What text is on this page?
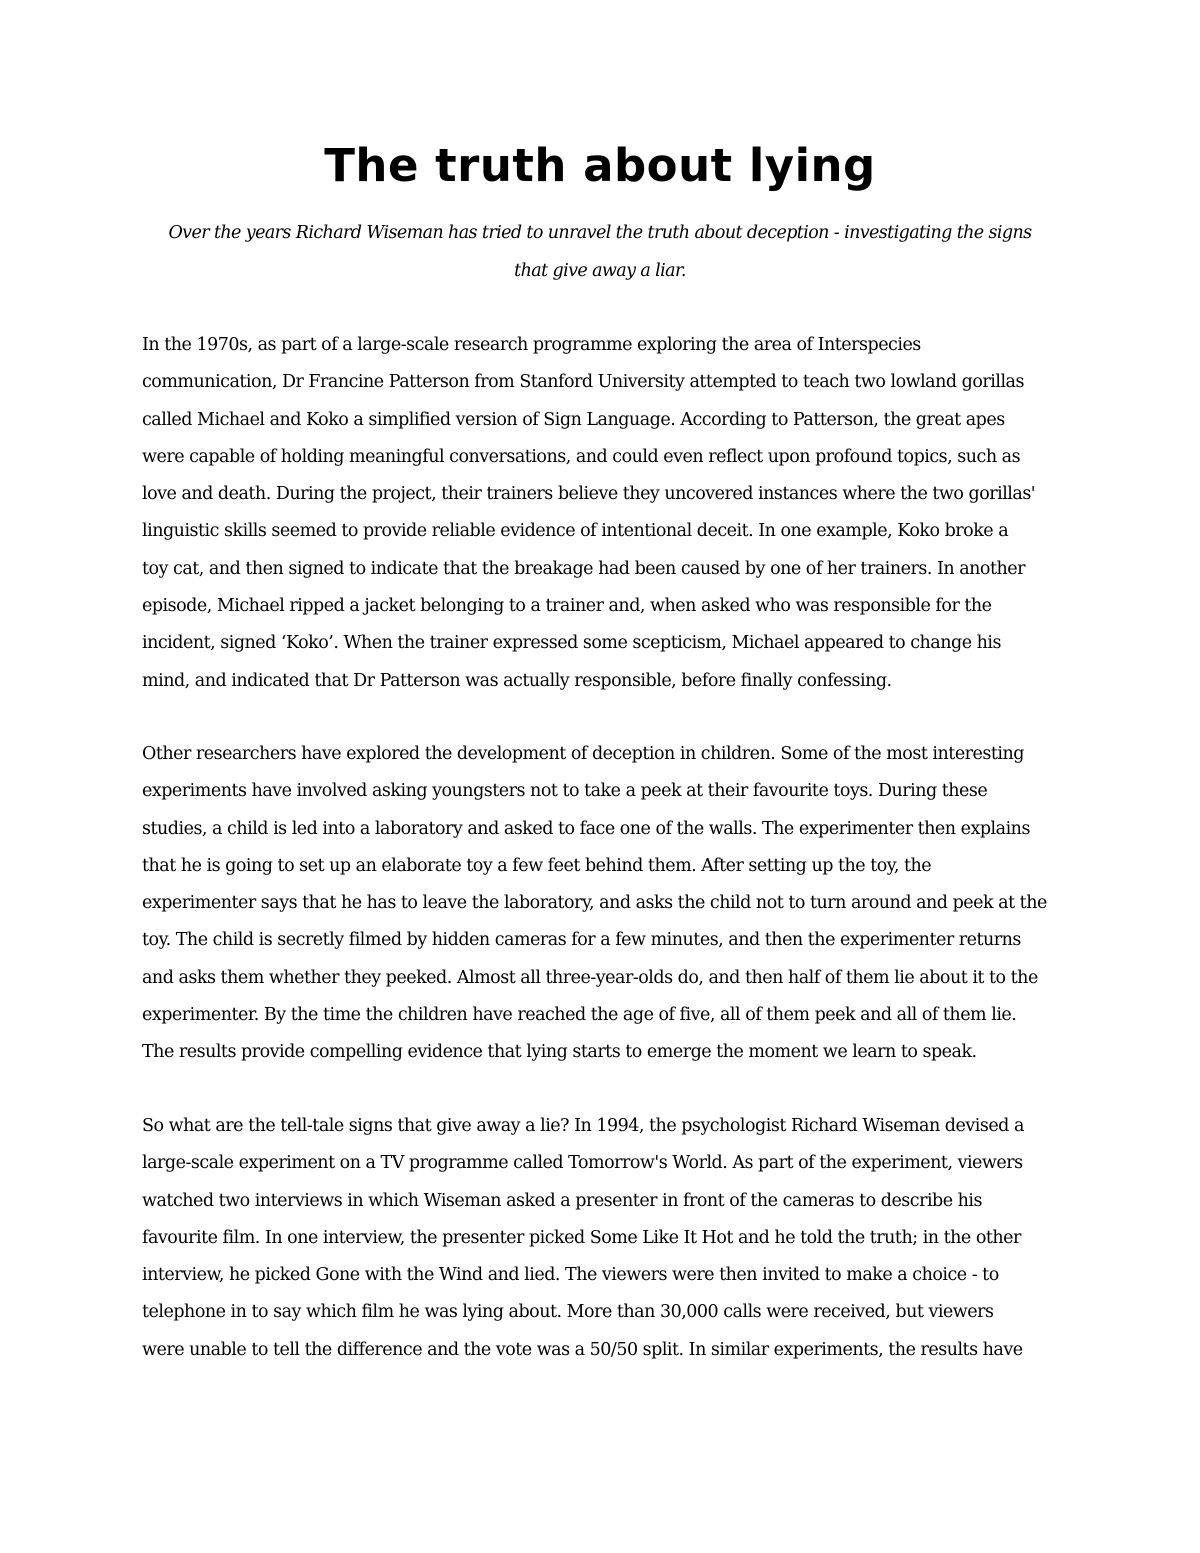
The truth about lying

Over the years Richard Wiseman has tried to unravel the truth about deception - investigating the signs
that give away a liar.

In the 1970s, as part of a large-scale research programme exploring the area of Interspecies
communication, Dr Francine Patterson from Stanford University attempted to teach two lowland gorillas
called Michael and Koko a simplified version of Sign Language. According to Patterson, the great apes
were capable of holding meaningful conversations, and could even reflect upon profound topics, such as
love and death. During the project, their trainers believe they uncovered instances where the two gorillas'
linguistic skills seemed to provide reliable evidence of intentional deceit. In one example, Koko broke a
toy cat, and then signed to indicate that the breakage had been caused by one of her trainers. In another
episode, Michael ripped a jacket belonging to a trainer and, when asked who was responsible for the
incident, signed ‘Koko’. When the trainer expressed some scepticism, Michael appeared to change his
mind, and indicated that Dr Patterson was actually responsible, before finally confessing.

Other researchers have explored the development of deception in children. Some of the most interesting
experiments have involved asking youngsters not to take a peek at their favourite toys. During these
studies, a child is led into a laboratory and asked to face one of the walls. The experimenter then explains
that he is going to set up an elaborate toy a few feet behind them. After setting up the toy, the
experimenter says that he has to leave the laboratory, and asks the child not to turn around and peek at the
toy. The child is secretly filmed by hidden cameras for a few minutes, and then the experimenter returns
and asks them whether they peeked. Almost all three-year-olds do, and then half of them lie about it to the
experimenter. By the time the children have reached the age of five, all of them peek and all of them lie.
The results provide compelling evidence that lying starts to emerge the moment we learn to speak.

So what are the tell-tale signs that give away a lie? In 1994, the psychologist Richard Wiseman devised a
large-scale experiment on a TV programme called Tomorrow's World. As part of the experiment, viewers
watched two interviews in which Wiseman asked a presenter in front of the cameras to describe his
favourite film. In one interview, the presenter picked Some Like It Hot and he told the truth; in the other
interview, he picked Gone with the Wind and lied. The viewers were then invited to make a choice - to
telephone in to say which film he was lying about. More than 30,000 calls were received, but viewers
were unable to tell the difference and the vote was a 50/50 split. In similar experiments, the results have
